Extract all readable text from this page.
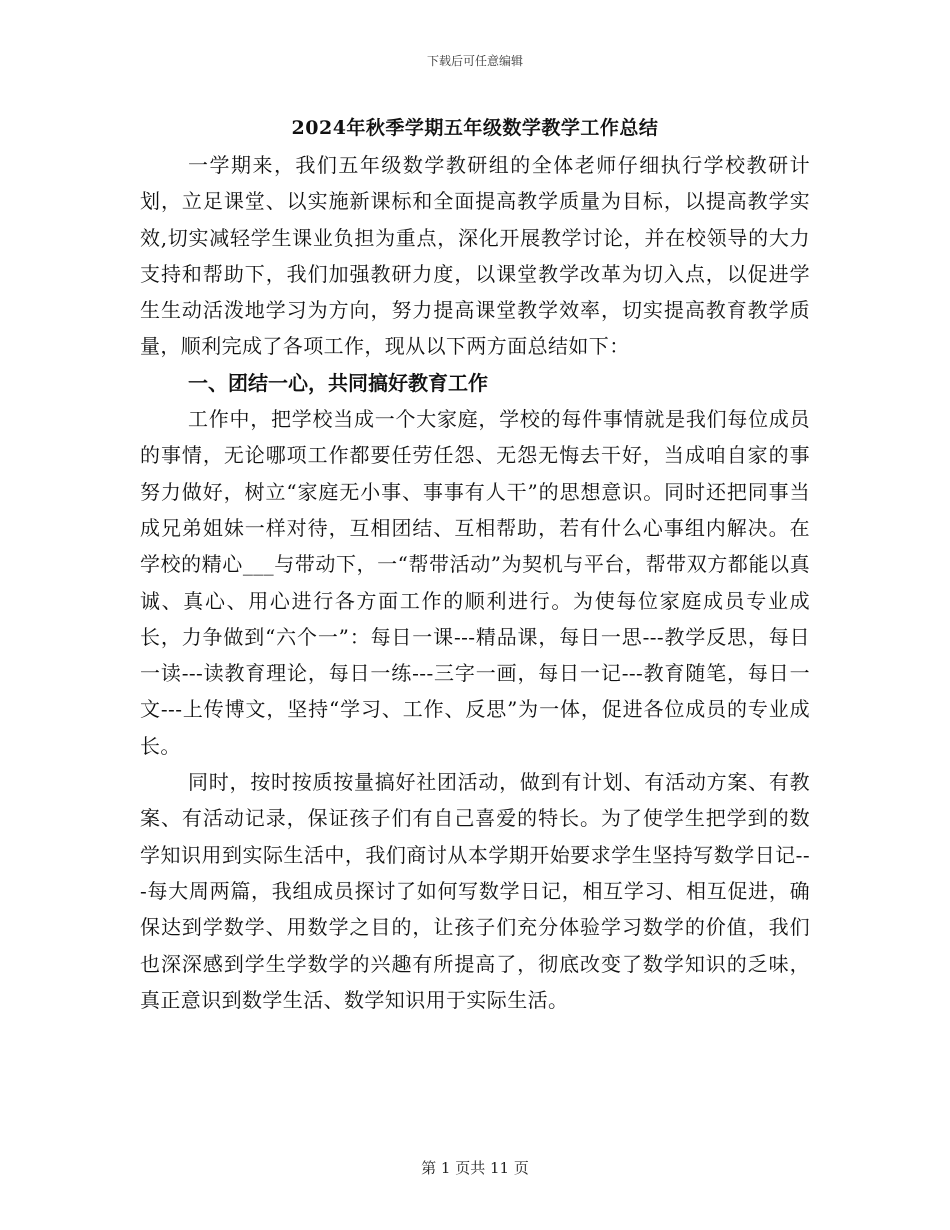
下载后可任意编辑
2024年秋季学期五年级数学教学工作总结

一学期来，我们五年级数学教研组的全体老师仔细执行学校教研计划，立足课堂、以实施新课标和全面提高教学质量为目标，以提高教学实效,切实减轻学生课业负担为重点，深化开展教学讨论，并在校领导的大力支持和帮助下，我们加强教研力度，以课堂教学改革为切入点，以促进学生生动活泼地学习为方向，努力提高课堂教学效率，切实提高教育教学质量，顺利完成了各项工作，现从以下两方面总结如下：

一、团结一心，共同搞好教育工作

工作中，把学校当成一个大家庭，学校的每件事情就是我们每位成员的事情，无论哪项工作都要任劳任怨、无怨无悔去干好，当成咱自家的事努力做好，树立“家庭无小事、事事有人干”的思想意识。同时还把同事当成兄弟姐妹一样对待，互相团结、互相帮助，若有什么心事组内解决。在学校的精心___与带动下，一“帮带活动”为契机与平台，帮带双方都能以真诚、真心、用心进行各方面工作的顺利进行。为使每位家庭成员专业成长，力争做到“六个一”：每日一课---精品课，每日一思---教学反思，每日一读---读教育理论，每日一练---三字一画，每日一记---教育随笔，每日一文---上传博文，坚持“学习、工作、反思”为一体，促进各位成员的专业成长。

同时，按时按质按量搞好社团活动，做到有计划、有活动方案、有教案、有活动记录，保证孩子们有自己喜爱的特长。为了使学生把学到的数学知识用到实际生活中，我们商讨从本学期开始要求学生坚持写数学日记---每大周两篇，我组成员探讨了如何写数学日记，相互学习、相互促进，确保达到学数学、用数学之目的，让孩子们充分体验学习数学的价值，我们也深深感到学生学数学的兴趣有所提高了，彻底改变了数学知识的乏味，真正意识到数学生活、数学知识用于实际生活。

第 1 页共 11 页
